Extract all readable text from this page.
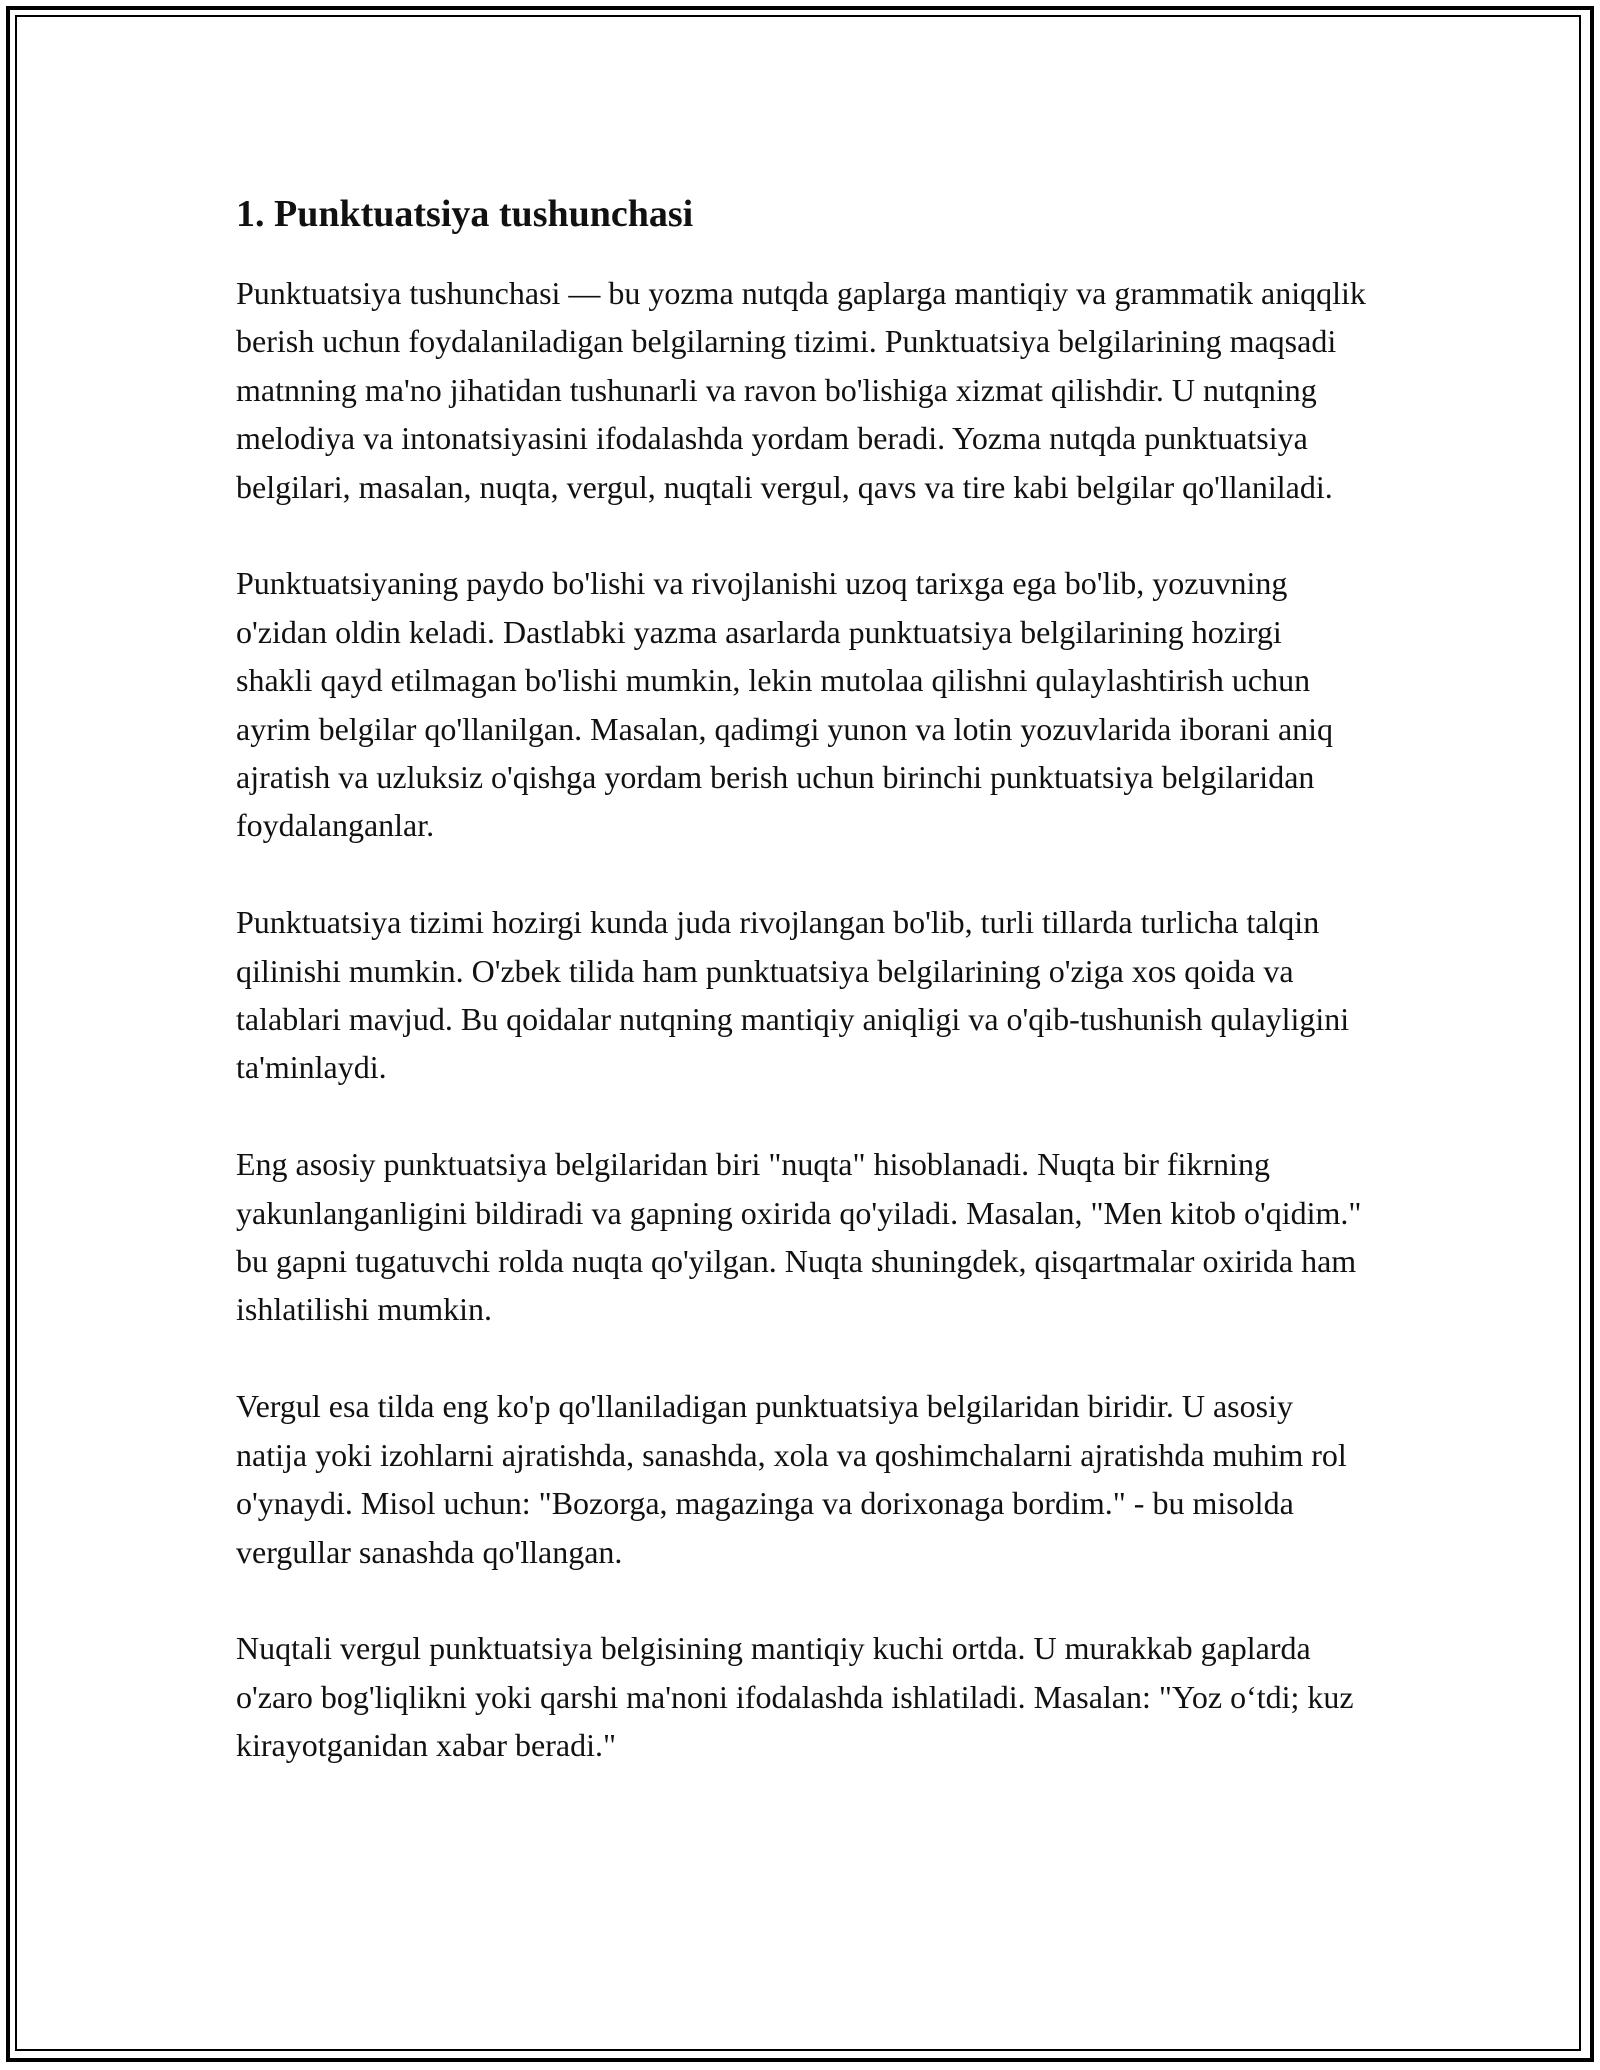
1. Punktuatsiya tushunchasi

Punktuatsiya tushunchasi — bu yozma nutqda gaplarga mantiqiy va grammatik aniqqlik berish uchun foydalaniladigan belgilarning tizimi. Punktuatsiya belgilarining maqsadi matnning ma'no jihatidan tushunarli va ravon bo'lishiga xizmat qilishdir. U nutqning melodiya va intonatsiyasini ifodalashda yordam beradi. Yozma nutqda punktuatsiya belgilari, masalan, nuqta, vergul, nuqtali vergul, qavs va tire kabi belgilar qo'llaniladi.

Punktuatsiyaning paydo bo'lishi va rivojlanishi uzoq tarixga ega bo'lib, yozuvning o'zidan oldin keladi. Dastlabki yazma asarlarda punktuatsiya belgilarining hozirgi shakli qayd etilmagan bo'lishi mumkin, lekin mutolaa qilishni qulaylashtirish uchun ayrim belgilar qo'llanilgan. Masalan, qadimgi yunon va lotin yozuvlarida iborani aniq ajratish va uzluksiz o'qishga yordam berish uchun birinchi punktuatsiya belgilaridan foydalanganlar.

Punktuatsiya tizimi hozirgi kunda juda rivojlangan bo'lib, turli tillarda turlicha talqin qilinishi mumkin. O'zbek tilida ham punktuatsiya belgilarining o'ziga xos qoida va talablari mavjud. Bu qoidalar nutqning mantiqiy aniqligi va o'qib-tushunish qulayligini ta'minlaydi.

Eng asosiy punktuatsiya belgilaridan biri "nuqta" hisoblanadi. Nuqta bir fikrning yakunlanganligini bildiradi va gapning oxirida qo'yiladi. Masalan, "Men kitob o'qidim." bu gapni tugatuvchi rolda nuqta qo'yilgan. Nuqta shuningdek, qisqartmalar oxirida ham ishlatilishi mumkin.

Vergul esa tilda eng ko'p qo'llaniladigan punktuatsiya belgilaridan biridir. U asosiy natija yoki izohlarni ajratishda, sanashda, xola va qoshimchalarni ajratishda muhim rol o'ynaydi. Misol uchun: "Bozorga, magazinga va dorixonaga bordim." - bu misolda vergullar sanashda qo'llangan.

Nuqtali vergul punktuatsiya belgisining mantiqiy kuchi ortda. U murakkab gaplarda o'zaro bog'liqlikni yoki qarshi ma'noni ifodalashda ishlatiladi. Masalan: "Yoz o‘tdi; kuz kirayotganidan xabar beradi."
